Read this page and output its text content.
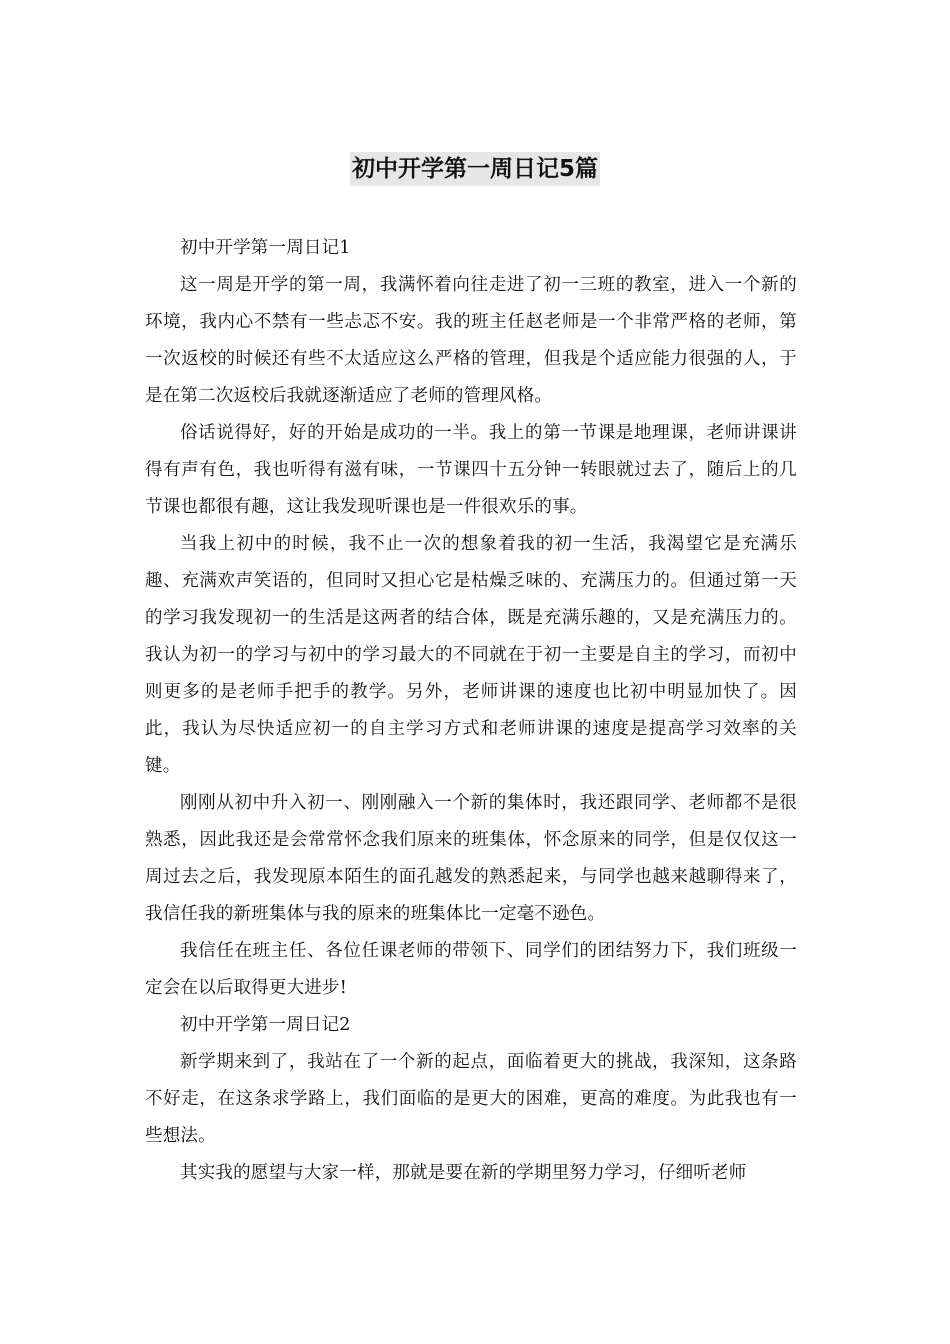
初中开学第一周日记5篇

初中开学第一周日记1

这一周是开学的第一周，我满怀着向往走进了初一三班的教室，进入一个新的环境，我内心不禁有一些忐忑不安。我的班主任赵老师是一个非常严格的老师，第一次返校的时候还有些不太适应这么严格的管理，但我是个适应能力很强的人，于是在第二次返校后我就逐渐适应了老师的管理风格。

俗话说得好，好的开始是成功的一半。我上的第一节课是地理课，老师讲课讲得有声有色，我也听得有滋有味，一节课四十五分钟一转眼就过去了，随后上的几节课也都很有趣，这让我发现听课也是一件很欢乐的事。

当我上初中的时候，我不止一次的想象着我的初一生活，我渴望它是充满乐趣、充满欢声笑语的，但同时又担心它是枯燥乏味的、充满压力的。但通过第一天的学习我发现初一的生活是这两者的结合体，既是充满乐趣的，又是充满压力的。我认为初一的学习与初中的学习最大的不同就在于初一主要是自主的学习，而初中则更多的是老师手把手的教学。另外，老师讲课的速度也比初中明显加快了。因此，我认为尽快适应初一的自主学习方式和老师讲课的速度是提高学习效率的关键。

刚刚从初中升入初一、刚刚融入一个新的集体时，我还跟同学、老师都不是很熟悉，因此我还是会常常怀念我们原来的班集体，怀念原来的同学，但是仅仅这一周过去之后，我发现原本陌生的面孔越发的熟悉起来，与同学也越来越聊得来了，我信任我的新班集体与我的原来的班集体比一定毫不逊色。

我信任在班主任、各位任课老师的带领下、同学们的团结努力下，我们班级一定会在以后取得更大进步!

初中开学第一周日记2

新学期来到了，我站在了一个新的起点，面临着更大的挑战，我深知，这条路不好走，在这条求学路上，我们面临的是更大的困难，更高的难度。为此我也有一些想法。

其实我的愿望与大家一样，那就是要在新的学期里努力学习，仔细听老师
